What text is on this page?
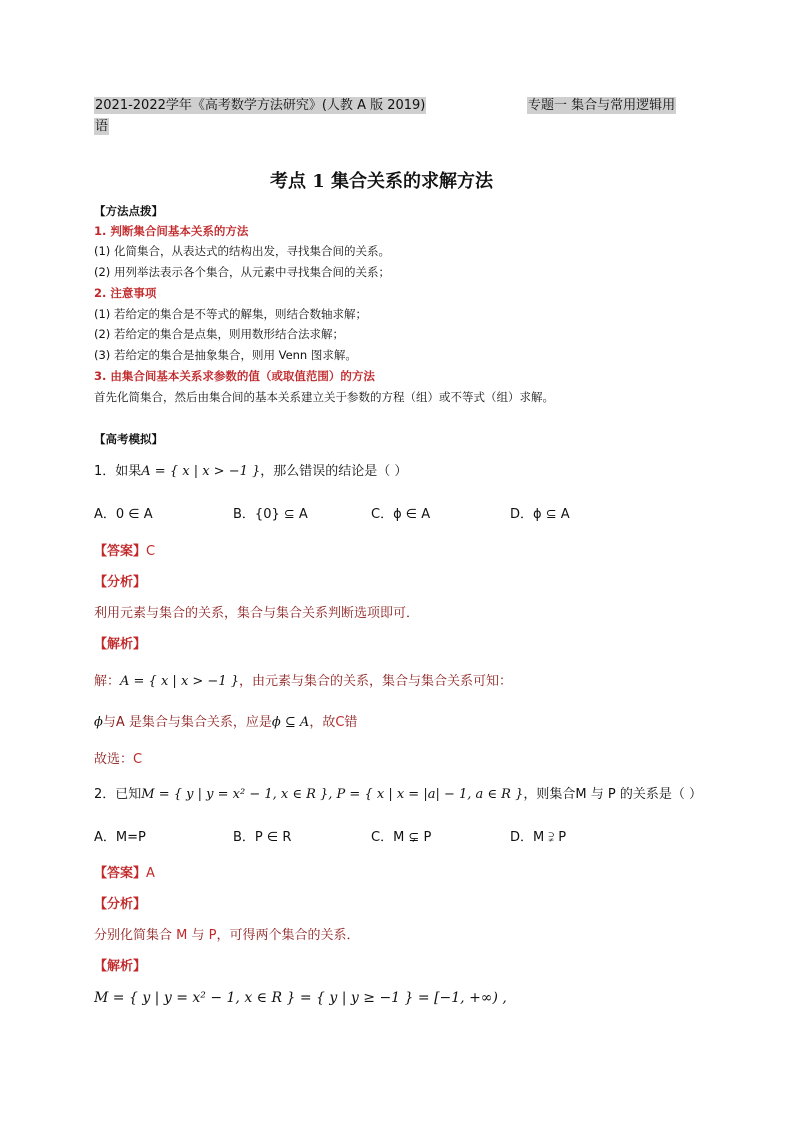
2021-2022学年《高考数学方法研究》(人教 A 版 2019)	专题一 集合与常用逻辑用
语
考点 1 集合关系的求解方法
【方法点拨】
1. 判断集合间基本关系的方法
(1) 化简集合，从表达式的结构出发，寻找集合间的关系。
(2) 用列举法表示各个集合，从元素中寻找集合间的关系；
2. 注意事项
(1) 若给定的集合是不等式的解集，则结合数轴求解；
(2) 若给定的集合是点集，则用数形结合法求解；
(3) 若给定的集合是抽象集合，则用 Venn 图求解。
3. 由集合间基本关系求参数的值（或取值范围）的方法
首先化简集合，然后由集合间的基本关系建立关于参数的方程（组）或不等式（组）求解。
【高考模拟】
1．如果A = { x | x > −1 }，那么错误的结论是（ ）
A．0 ∈ A	B．{0} ⊆ A	C．ϕ ∈ A	D．ϕ ⊆ A
【答案】C
【分析】
利用元素与集合的关系，集合与集合关系判断选项即可．
【解析】
解：A = { x | x > −1 }，由元素与集合的关系，集合与集合关系可知：
ϕ与A 是集合与集合关系，应是ϕ ⊆ A，故C错
故选：C
2．已知M = { y | y = x² − 1, x ∈ R }, P = { x | x = |a| − 1, a ∈ R }，则集合M 与 P 的关系是（ ）
A．M=P	B．P ∈ R	C．M ⊊ P	D．M ⫌ P
【答案】A
【分析】
分别化简集合 M 与 P，可得两个集合的关系．
【解析】
M = { y | y = x² − 1, x ∈ R } = { y | y ≥ −1 } = [−1, +∞) ,
